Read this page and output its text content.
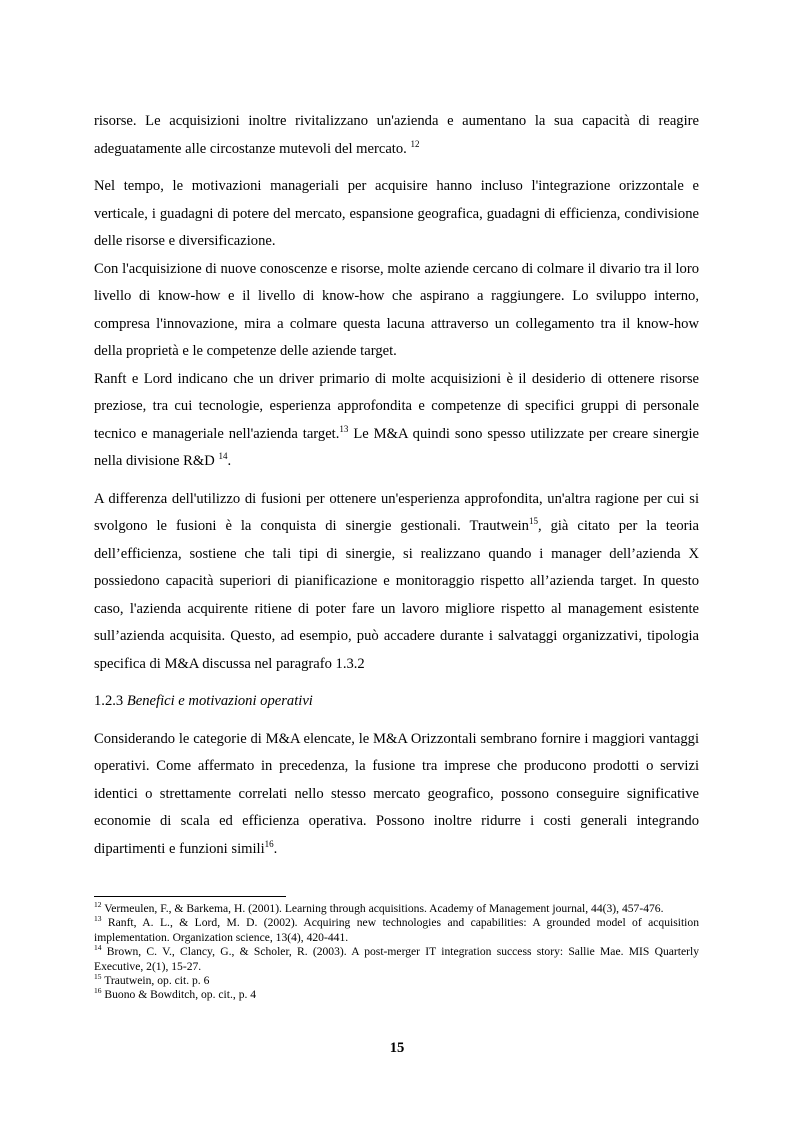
risorse. Le acquisizioni inoltre rivitalizzano un'azienda e aumentano la sua capacità di reagire adeguatamente alle circostanze mutevoli del mercato. $^{12}$

Nel tempo, le motivazioni manageriali per acquisire hanno incluso l'integrazione orizzontale e verticale, i guadagni di potere del mercato, espansione geografica, guadagni di efficienza, condivisione delle risorse e diversificazione.

Con l'acquisizione di nuove conoscenze e risorse, molte aziende cercano di colmare il divario tra il loro livello di know-how e il livello di know-how che aspirano a raggiungere. Lo sviluppo interno, compresa l'innovazione, mira a colmare questa lacuna attraverso un collegamento tra il know-how della proprietà e le competenze delle aziende target.

Ranft e Lord indicano che un driver primario di molte acquisizioni è il desiderio di ottenere risorse preziose, tra cui tecnologie, esperienza approfondita e competenze di specifici gruppi di personale tecnico e manageriale nell'azienda target.$^{13}$ Le M&A quindi sono spesso utilizzate per creare sinergie nella divisione R&D $^{14}$.

A differenza dell'utilizzo di fusioni per ottenere un'esperienza approfondita, un'altra ragione per cui si svolgono le fusioni è la conquista di sinergie gestionali. Trautwein$^{15}$, già citato per la teoria dell’efficienza, sostiene che tali tipi di sinergie, si realizzano quando i manager dell’azienda X possiedono capacità superiori di pianificazione e monitoraggio rispetto all’azienda target. In questo caso, l'azienda acquirente ritiene di poter fare un lavoro migliore rispetto al management esistente sull’azienda acquisita. Questo, ad esempio, può accadere durante i salvataggi organizzativi, tipologia specifica di M&A discussa nel paragrafo 1.3.2

1.2.3 Benefici e motivazioni operativi

Considerando le categorie di M&A elencate, le M&A Orizzontali sembrano fornire i maggiori vantaggi operativi. Come affermato in precedenza, la fusione tra imprese che producono prodotti o servizi identici o strettamente correlati nello stesso mercato geografico, possono conseguire significative economie di scala ed efficienza operativa. Possono inoltre ridurre i costi generali integrando dipartimenti e funzioni simili$^{16}$.

$^{12}$ Vermeulen, F., & Barkema, H. (2001). Learning through acquisitions. Academy of Management journal, 44(3), 457-476.

$^{13}$ Ranft, A. L., & Lord, M. D. (2002). Acquiring new technologies and capabilities: A grounded model of acquisition implementation. Organization science, 13(4), 420-441.

$^{14}$ Brown, C. V., Clancy, G., & Scholer, R. (2003). A post-merger IT integration success story: Sallie Mae. MIS Quarterly Executive, 2(1), 15-27.

$^{15}$ Trautwein, op. cit. p. 6

$^{16}$ Buono & Bowditch, op. cit., p. 4

15
